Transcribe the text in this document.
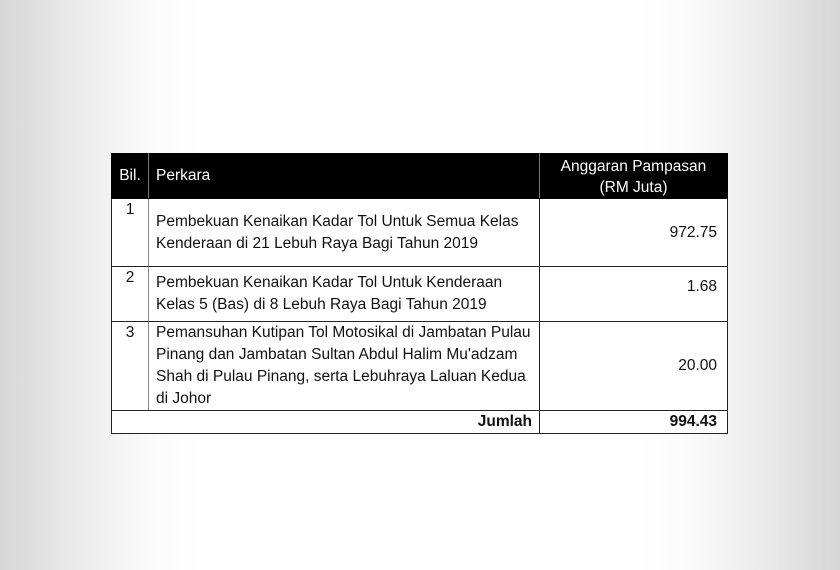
Bil.	Perkara	Anggaran Pampasan (RM Juta)
1	Pembekuan Kenaikan Kadar Tol Untuk Semua Kelas Kenderaan di 21 Lebuh Raya Bagi Tahun 2019	972.75
2	Pembekuan Kenaikan Kadar Tol Untuk Kenderaan Kelas 5 (Bas) di 8 Lebuh Raya Bagi Tahun 2019	1.68
3	Pemansuhan Kutipan Tol Motosikal di Jambatan Pulau Pinang dan Jambatan Sultan Abdul Halim Mu'adzam Shah di Pulau Pinang, serta Lebuhraya Laluan Kedua di Johor	20.00
Jumlah		994.43
